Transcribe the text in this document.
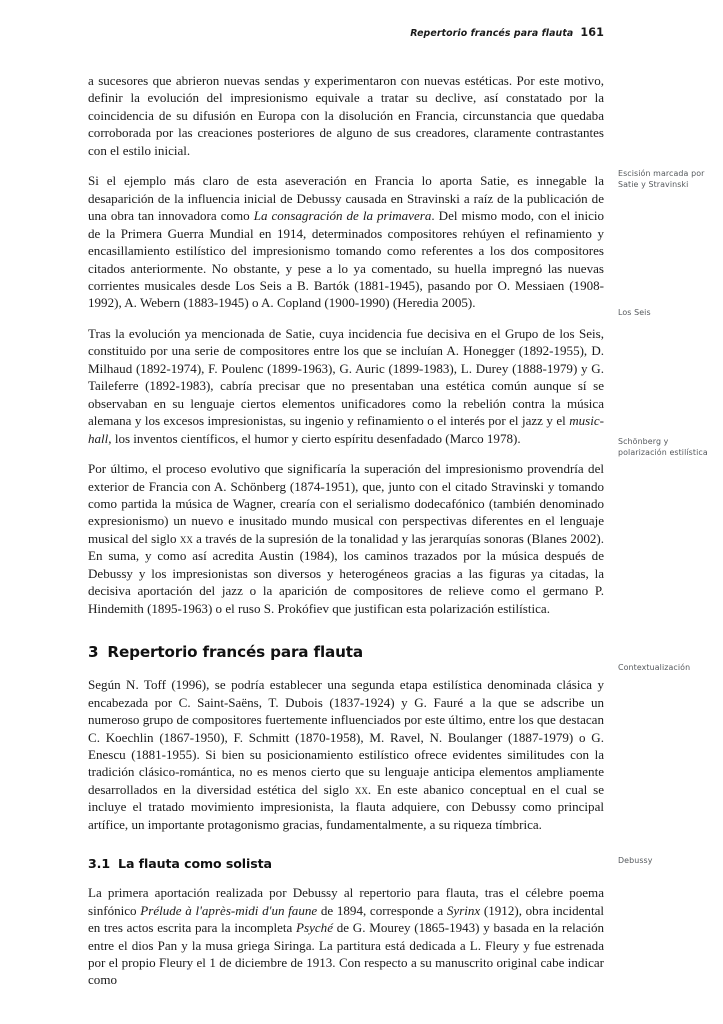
Repertorio francés para flauta 161

a sucesores que abrieron nuevas sendas y experimentaron con nuevas estéticas. Por este motivo, definir la evolución del impresionismo equivale a tratar su declive, así constatado por la coincidencia de su difusión en Europa con la disolución en Francia, circunstancia que quedaba corroborada por las creaciones posteriores de alguno de sus creadores, claramente contrastantes con el estilo inicial.

Si el ejemplo más claro de esta aseveración en Francia lo aporta Satie, es innegable la desaparición de la influencia inicial de Debussy causada en Stravinski a raíz de la publicación de una obra tan innovadora como La consagración de la primavera. Del mismo modo, con el inicio de la Primera Guerra Mundial en 1914, determinados compositores rehúyen el refinamiento y encasillamiento estilístico del impresionismo tomando como referentes a los dos compositores citados anteriormente. No obstante, y pese a lo ya comentado, su huella impregnó las nuevas corrientes musicales desde Los Seis a B. Bartók (1881-1945), pasando por O. Messiaen (1908-1992), A. Webern (1883-1945) o A. Copland (1900-1990) (Heredia 2005).

Tras la evolución ya mencionada de Satie, cuya incidencia fue decisiva en el Grupo de los Seis, constituido por una serie de compositores entre los que se incluían A. Honegger (1892-1955), D. Milhaud (1892-1974), F. Poulenc (1899-1963), G. Auric (1899-1983), L. Durey (1888-1979) y G. Taileferre (1892-1983), cabría precisar que no presentaban una estética común aunque sí se observaban en su lenguaje ciertos elementos unificadores como la rebelión contra la música alemana y los excesos impresionistas, su ingenio y refinamiento o el interés por el jazz y el music-hall, los inventos científicos, el humor y cierto espíritu desenfadado (Marco 1978).

Por último, el proceso evolutivo que significaría la superación del impresionismo provendría del exterior de Francia con A. Schönberg (1874-1951), que, junto con el citado Stravinski y tomando como partida la música de Wagner, crearía con el serialismo dodecafónico (también denominado expresionismo) un nuevo e inusitado mundo musical con perspectivas diferentes en el lenguaje musical del siglo xx a través de la supresión de la tonalidad y las jerarquías sonoras (Blanes 2002). En suma, y como así acredita Austin (1984), los caminos trazados por la música después de Debussy y los impresionistas son diversos y heterogéneos gracias a las figuras ya citadas, la decisiva aportación del jazz o la aparición de compositores de relieve como el germano P. Hindemith (1895-1963) o el ruso S. Prokófiev que justifican esta polarización estilística.

3 Repertorio francés para flauta

Según N. Toff (1996), se podría establecer una segunda etapa estilística denominada clásica y encabezada por C. Saint-Saëns, T. Dubois (1837-1924) y G. Fauré a la que se adscribe un numeroso grupo de compositores fuertemente influenciados por este último, entre los que destacan C. Koechlin (1867-1950), F. Schmitt (1870-1958), M. Ravel, N. Boulanger (1887-1979) o G. Enescu (1881-1955). Si bien su posicionamiento estilístico ofrece evidentes similitudes con la tradición clásico-romántica, no es menos cierto que su lenguaje anticipa elementos ampliamente desarrollados en la diversidad estética del siglo xx. En este abanico conceptual en el cual se incluye el tratado movimiento impresionista, la flauta adquiere, con Debussy como principal artífice, un importante protagonismo gracias, fundamentalmente, a su riqueza tímbrica.

3.1 La flauta como solista

La primera aportación realizada por Debussy al repertorio para flauta, tras el célebre poema sinfónico Prélude à l'après-midi d'un faune de 1894, corresponde a Syrinx (1912), obra incidental en tres actos escrita para la incompleta Psyché de G. Mourey (1865-1943) y basada en la relación entre el dios Pan y la musa griega Siringa. La partitura está dedicada a L. Fleury y fue estrenada por el propio Fleury el 1 de diciembre de 1913. Con respecto a su manuscrito original cabe indicar como

Escisión marcada por Satie y Stravinski
Los Seis
Schönberg y polarización estilística
Contextualización
Debussy
